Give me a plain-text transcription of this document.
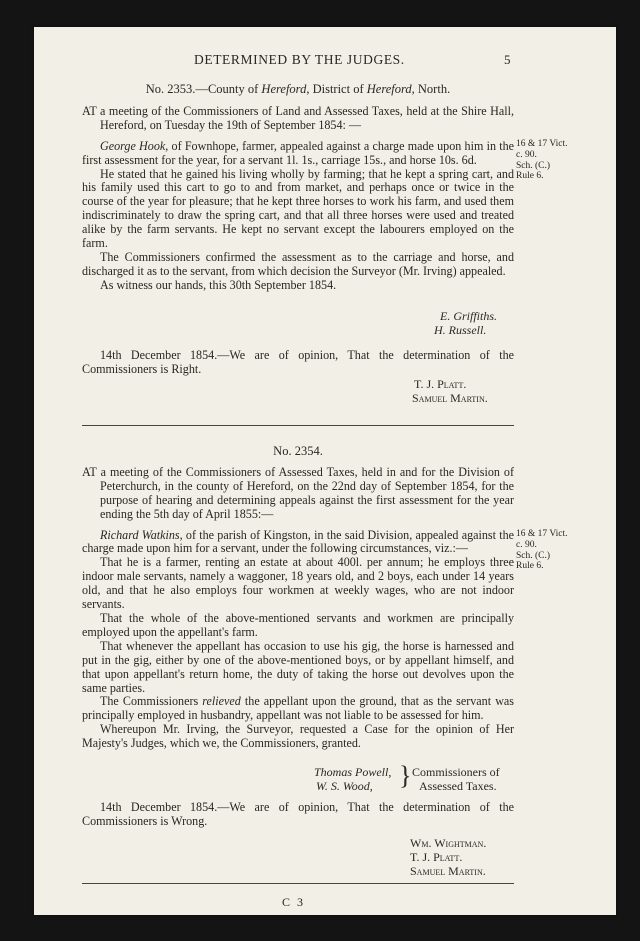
DETERMINED BY THE JUDGES.	5

No. 2353.—County of Hereford, District of Hereford, North.

AT a meeting of the Commissioners of Land and Assessed Taxes, held at the Shire Hall, Hereford, on Tuesday the 19th of September 1854: —

George Hook, of Fownhope, farmer, appealed against a charge made upon him in the first assessment for the year, for a servant 1l. 1s., carriage 15s., and horse 10s. 6d.

He stated that he gained his living wholly by farming; that he kept a spring cart, and his family used this cart to go to and from market, and perhaps once or twice in the course of the year for pleasure; that he kept three horses to work his farm, and used them indiscriminately to draw the spring cart, and that all three horses were used and treated alike by the farm servants. He kept no servant except the labourers employed on the farm.

The Commissioners confirmed the assessment as to the carriage and horse, and discharged it as to the servant, from which decision the Surveyor (Mr. Irving) appealed.

As witness our hands, this 30th September 1854.

E. Griffiths.
H. Russell.

14th December 1854.—We are of opinion, That the determination of the Commissioners is Right.

T. J. Platt.
Samuel Martin.
16 & 17 Vict.
c. 90.
Sch. (C.)
Rule 6.

No. 2354.

AT a meeting of the Commissioners of Assessed Taxes, held in and for the Division of Peterchurch, in the county of Hereford, on the 22nd day of September 1854, for the purpose of hearing and determining appeals against the first assessment for the year ending the 5th day of April 1855:—

Richard Watkins, of the parish of Kingston, in the said Division, appealed against the charge made upon him for a servant, under the following circumstances, viz.:—

That he is a farmer, renting an estate at about 400l. per annum; he employs three indoor male servants, namely a waggoner, 18 years old, and 2 boys, each under 14 years old, and that he also employs four workmen at weekly wages, who are not indoor servants.

That the whole of the above-mentioned servants and workmen are principally employed upon the appellant's farm.

That whenever the appellant has occasion to use his gig, the horse is harnessed and put in the gig, either by one of the above-mentioned boys, or by appellant himself, and that upon appellant's return home, the duty of taking the horse out devolves upon the same parties.

The Commissioners relieved the appellant upon the ground, that as the servant was principally employed in husbandry, appellant was not liable to be assessed for him.

Whereupon Mr. Irving, the Surveyor, requested a Case for the opinion of Her Majesty's Judges, which we, the Commissioners, granted.

16 & 17 Vict.
c. 90.
Sch. (C.)
Rule 6.
Thomas Powell,
W. S. Wood, } Commissioners of
Assessed Taxes.

14th December 1854.—We are of opinion, That the determination of the Commissioners is Wrong.

Wm. Wightman.
T. J. Platt.
Samuel Martin.
C 3
